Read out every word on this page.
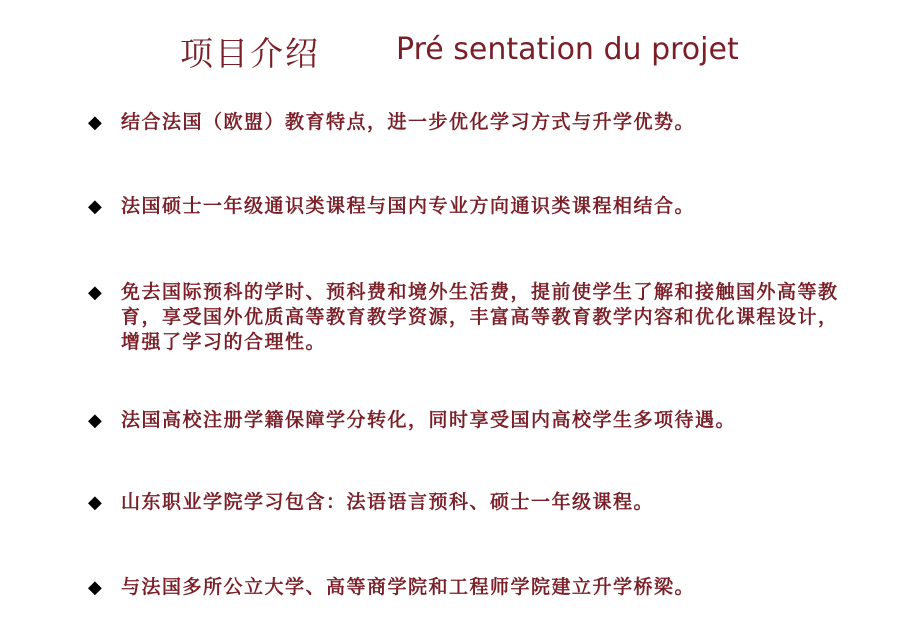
项目介绍	Pré sentation du projet
◆ 结合法国（欧盟）教育特点，进一步优化学习方式与升学优势。
◆ 法国硕士一年级通识类课程与国内专业方向通识类课程相结合。
◆ 免去国际预科的学时、预科费和境外生活费，提前使学生了解和接触国外高等教育，享受国外优质高等教育教学资源，丰富高等教育教学内容和优化课程设计，增强了学习的合理性。
◆ 法国高校注册学籍保障学分转化，同时享受国内高校学生多项待遇。
◆ 山东职业学院学习包含：法语语言预科、硕士一年级课程。
◆ 与法国多所公立大学、高等商学院和工程师学院建立升学桥梁。
